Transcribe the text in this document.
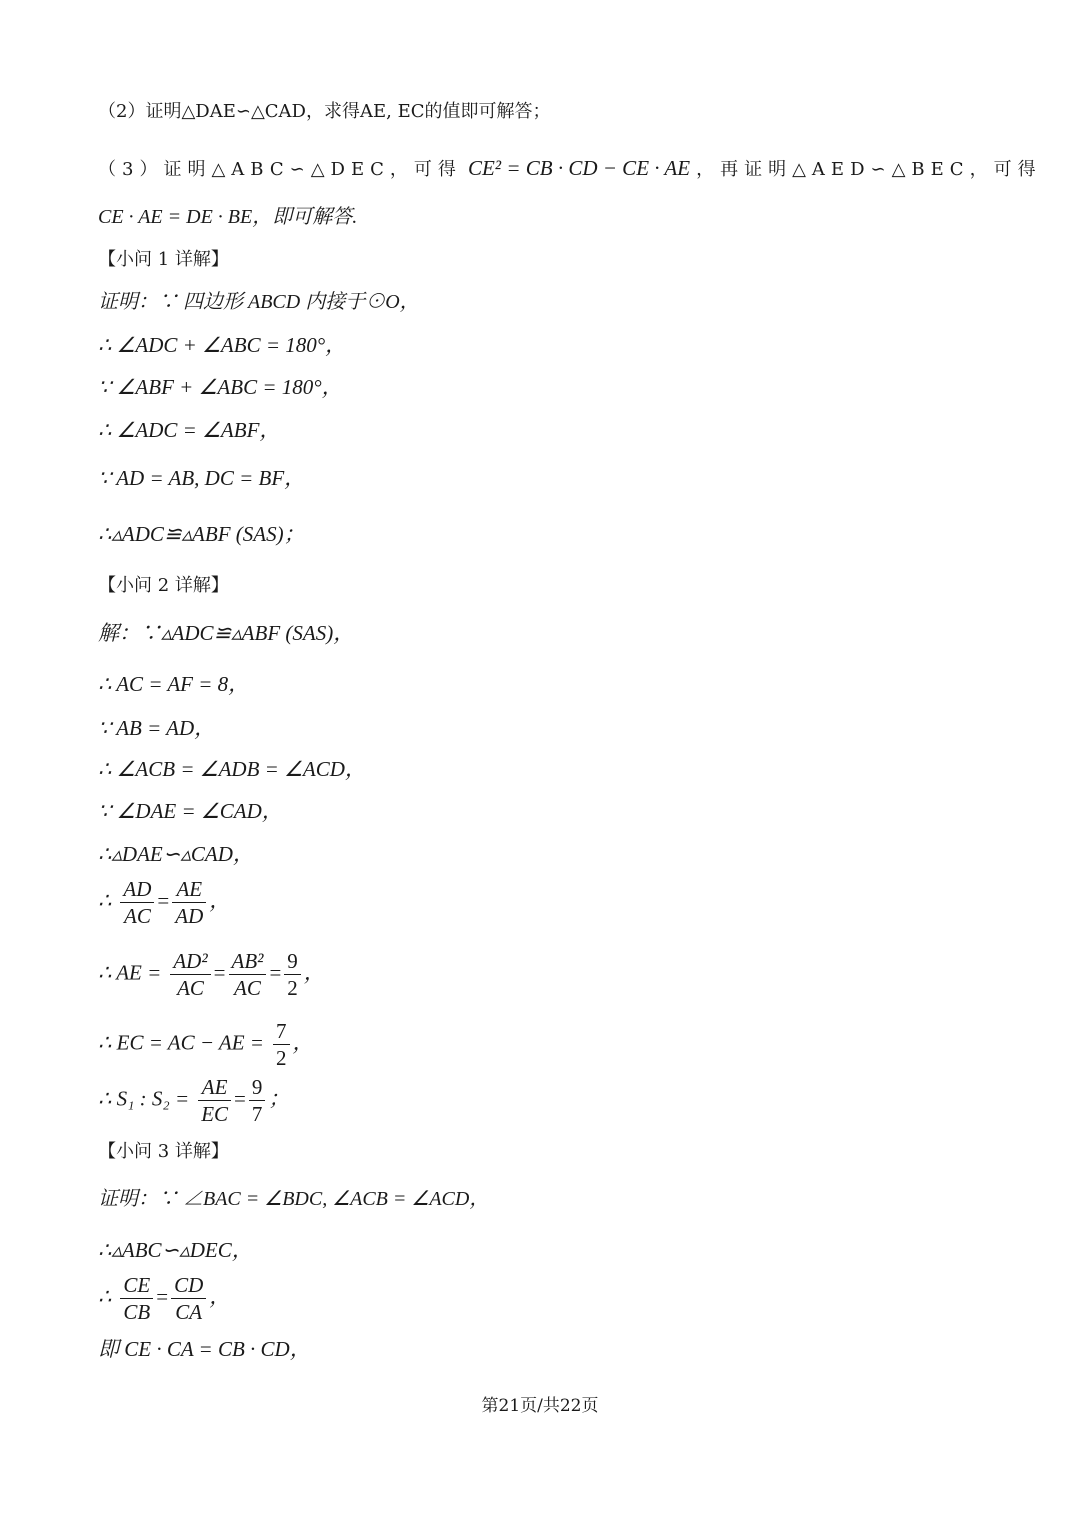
（2）证明△DAE∽△CAD，求得AE, EC的值即可解答；
（3）证明△ABC∽△DEC，可得 CE² = CB · CD − CE · AE ，再证明△AED∽△BEC，可得
CE · AE = DE · BE，即可解答.
【小问 1 详解】
证明：∵ 四边形 ABCD 内接于⊙O，
∴ ∠ADC + ∠ABC = 180°，
∵ ∠ABF + ∠ABC = 180°，
∴ ∠ADC = ∠ABF，
∵ AD = AB, DC = BF，
∴▵ADC≌▵ABF (SAS)；
【小问 2 详解】
解：∵▵ADC≌▵ABF (SAS)，
∴ AC = AF = 8，
∵ AB = AD，
∴ ∠ACB = ∠ADB = ∠ACD，
∵ ∠DAE = ∠CAD，
∴▵DAE∽▵CAD，
∴ $\frac{AD}{AC} = \frac{AE}{AD}$ ，
∴ AE = $\frac{\text{AD²}}{AC} = \frac{\text{AB²}}{AC} = \frac{9}{2}$ ，
∴ EC = AC − AE = $\frac{7}{2}$ ，
∴ S₁ : $S_2 = \frac{AE}{EC} = \frac{9}{7}$ ；
【小问 3 详解】
证明：∵ ∠BAC = ∠BDC, ∠ACB = ∠ACD，
∴▵ABC∽▵DEC，
∴ $\frac{CE}{CB} = \frac{CD}{CA}$ ，
即 CE · CA = CB · CD，
第21页/共22页
